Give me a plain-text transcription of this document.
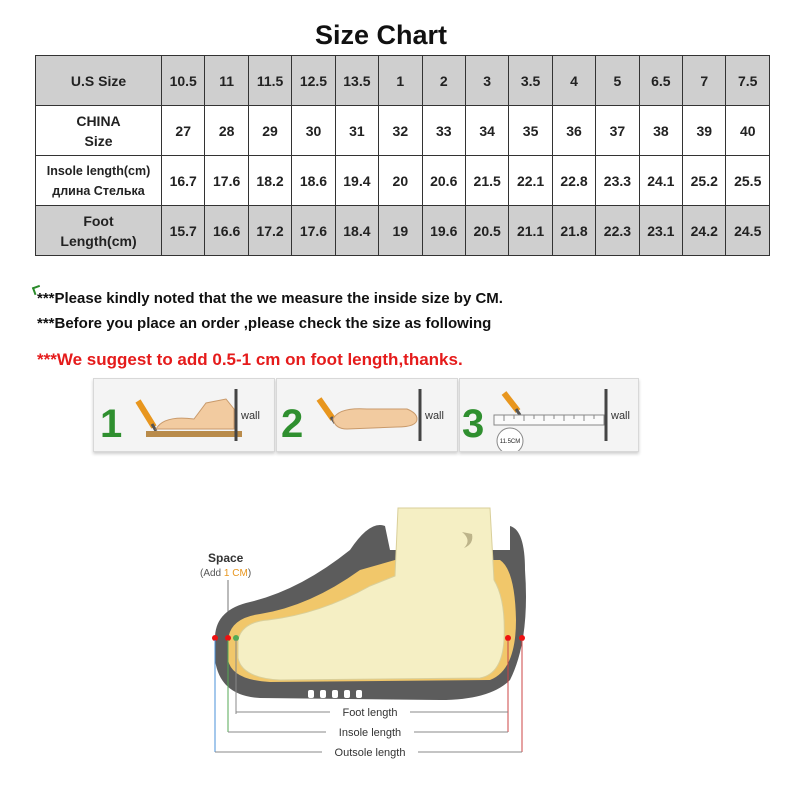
Size Chart
U.S Size	10.5	11	11.5	12.5	13.5	1	2	3	3.5	4	5	6.5	7	7.5

CHINA
Size	27	28	29	30	31	32	33	34	35	36	37	38	39	40

Insole length(cm)
длина Стелька	16.7	17.6	18.2	18.6	19.4	20	20.6	21.5	22.1	22.8	23.3	24.1	25.2	25.5

Foot
Length(cm)	15.7	16.6	17.2	17.6	18.4	19	19.6	20.5	21.1	21.8	22.3	23.1	24.2	24.5
***Please kindly noted that the we measure the inside size by CM.
***Before you place an order ,please check the size as following
***We suggest to add 0.5-1 cm on foot length,thanks.
1	wall 2	wall 3	11.5CM
wall
Space
(Add 1 CM)
Foot length
Insole length
Outsole length
